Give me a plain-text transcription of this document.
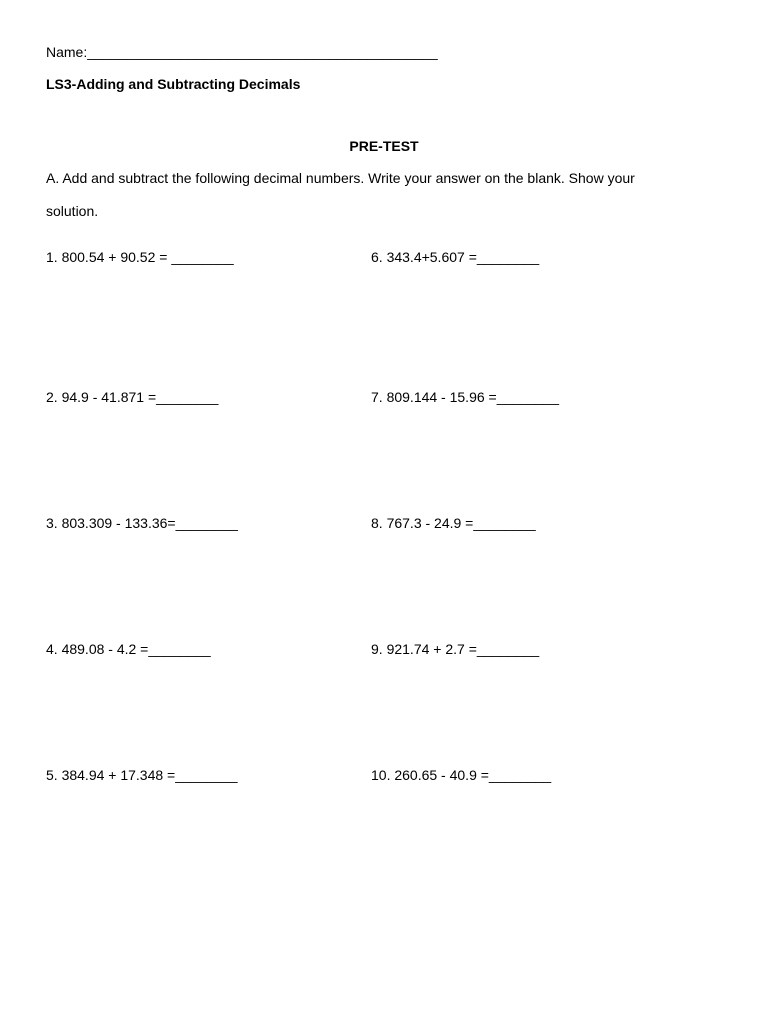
Name:_____________________________________________
LS3-Adding and Subtracting Decimals
PRE-TEST
A. Add and subtract the following decimal numbers. Write your answer on the blank. Show your
solution.
1. 800.54 + 90.52 = ________
2. 94.9 - 41.871 =________
3. 803.309 - 133.36=________
4. 489.08 - 4.2 =________
5. 384.94 + 17.348 =________
6. 343.4+5.607 =________
7. 809.144 - 15.96 =________
8. 767.3 - 24.9 =________
9. 921.74 + 2.7 =________
10. 260.65 - 40.9 =________
